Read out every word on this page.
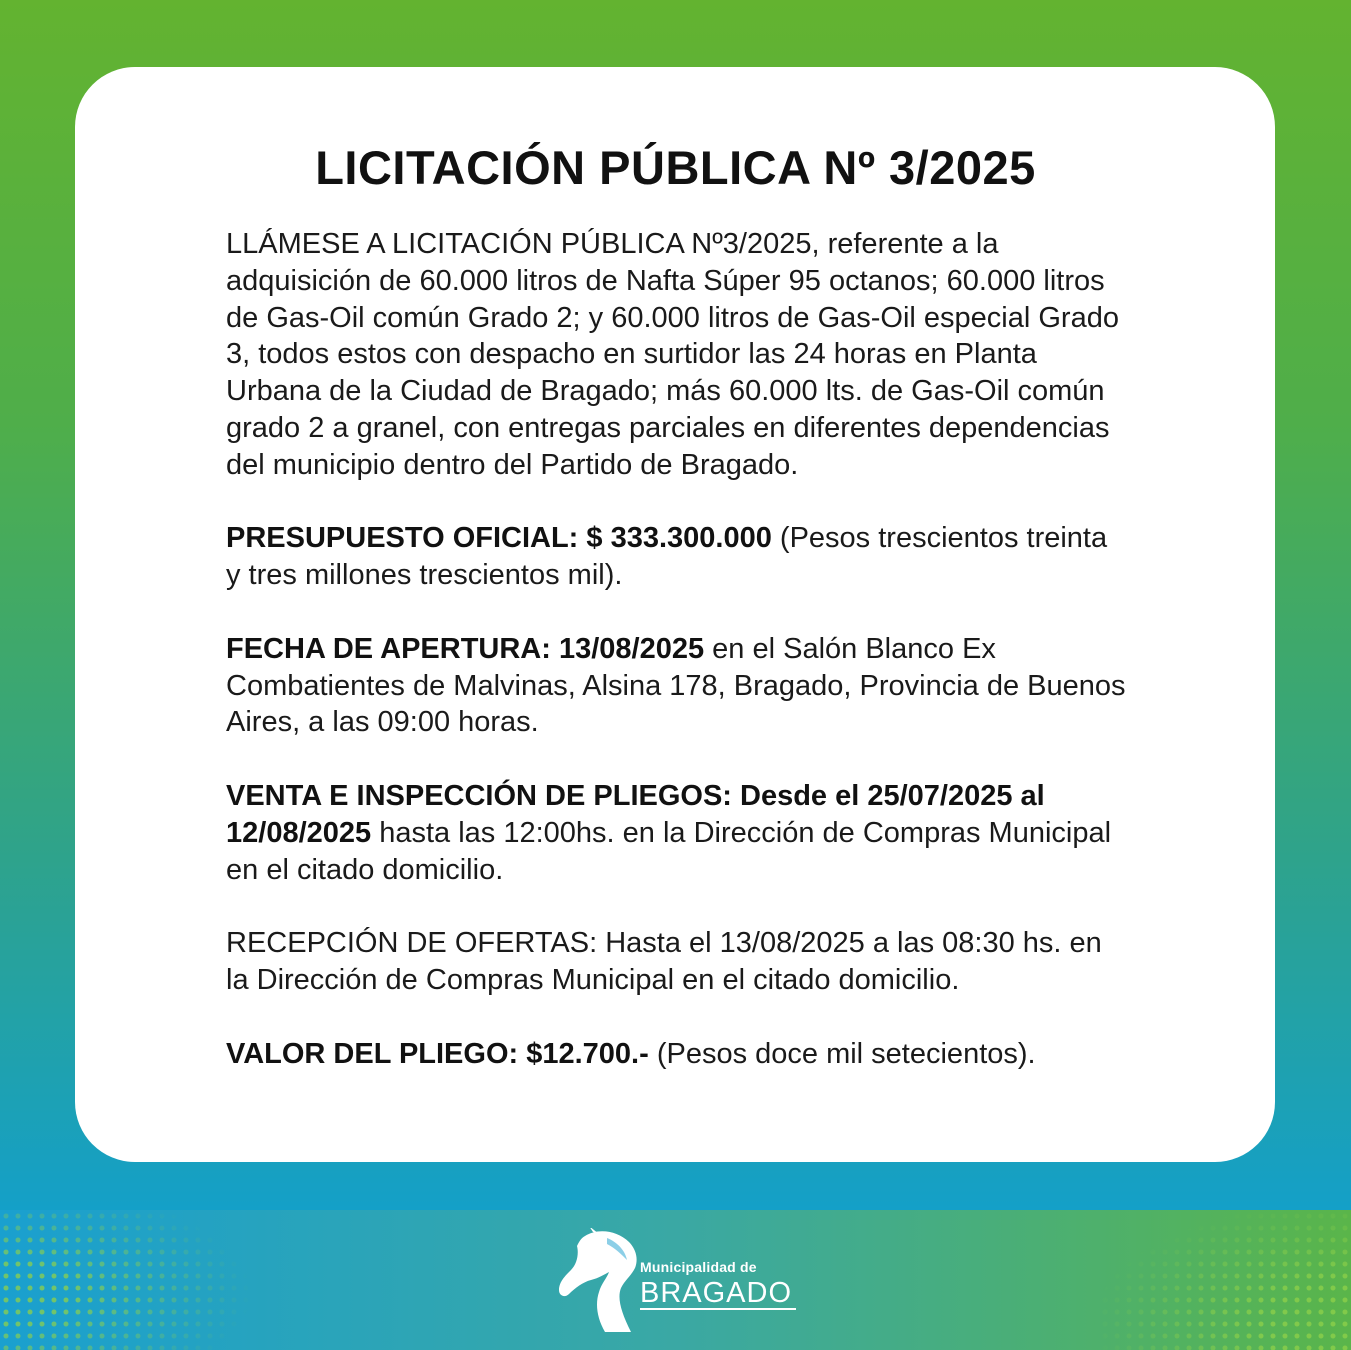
LICITACIÓN PÚBLICA Nº 3/2025

LLÁMESE A LICITACIÓN PÚBLICA Nº3/2025, referente a la adquisición de 60.000 litros de Nafta Súper 95 octanos; 60.000 litros de Gas-Oil común Grado 2; y 60.000 litros de Gas-Oil especial Grado 3, todos estos con despacho en surtidor las 24 horas en Planta Urbana de la Ciudad de Bragado; más 60.000 lts. de Gas-Oil común grado 2 a granel, con entregas parciales en diferentes dependencias del municipio dentro del Partido de Bragado.

PRESUPUESTO OFICIAL: $ 333.300.000 (Pesos trescientos treinta y tres millones trescientos mil).

FECHA DE APERTURA: 13/08/2025 en el Salón Blanco Ex Combatientes de Malvinas, Alsina 178, Bragado, Provincia de Buenos Aires, a las 09:00 horas.

VENTA E INSPECCIÓN DE PLIEGOS: Desde el 25/07/2025 al 12/08/2025 hasta las 12:00hs. en la Dirección de Compras Municipal en el citado domicilio.

RECEPCIÓN DE OFERTAS: Hasta el 13/08/2025 a las 08:30 hs. en la Dirección de Compras Municipal en el citado domicilio.

VALOR DEL PLIEGO: $12.700.- (Pesos doce mil setecientos).

Municipalidad de
BRAGADO
